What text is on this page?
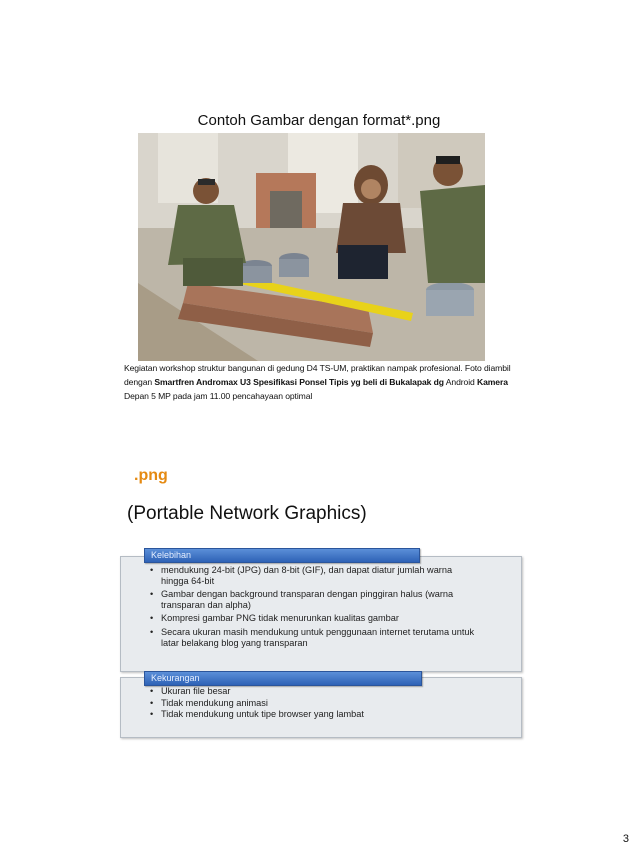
Contoh Gambar dengan format*.png
Kegiatan workshop struktur bangunan di gedung D4 TS-UM, praktikan nampak profesional. Foto diambil dengan Smartfren Andromax U3 Spesifikasi Ponsel Tipis yg beli di Bukalapak dg Android Kamera Depan 5 MP pada jam 11.00 pencahayaan optimal
.png
(Portable Network Graphics)
Kelebihan
• mendukung 24-bit (JPG) dan 8-bit (GIF), dan dapat diatur jumlah warna hingga 64-bit
• Gambar dengan background transparan dengan pinggiran halus (warna transparan dan alpha)
• Kompresi gambar PNG tidak menurunkan kualitas gambar
• Secara ukuran masih mendukung untuk penggunaan internet terutama untuk latar belakang blog yang transparan
Kekurangan
• Ukuran file besar
• Tidak mendukung animasi
• Tidak mendukung untuk tipe browser yang lambat
3
